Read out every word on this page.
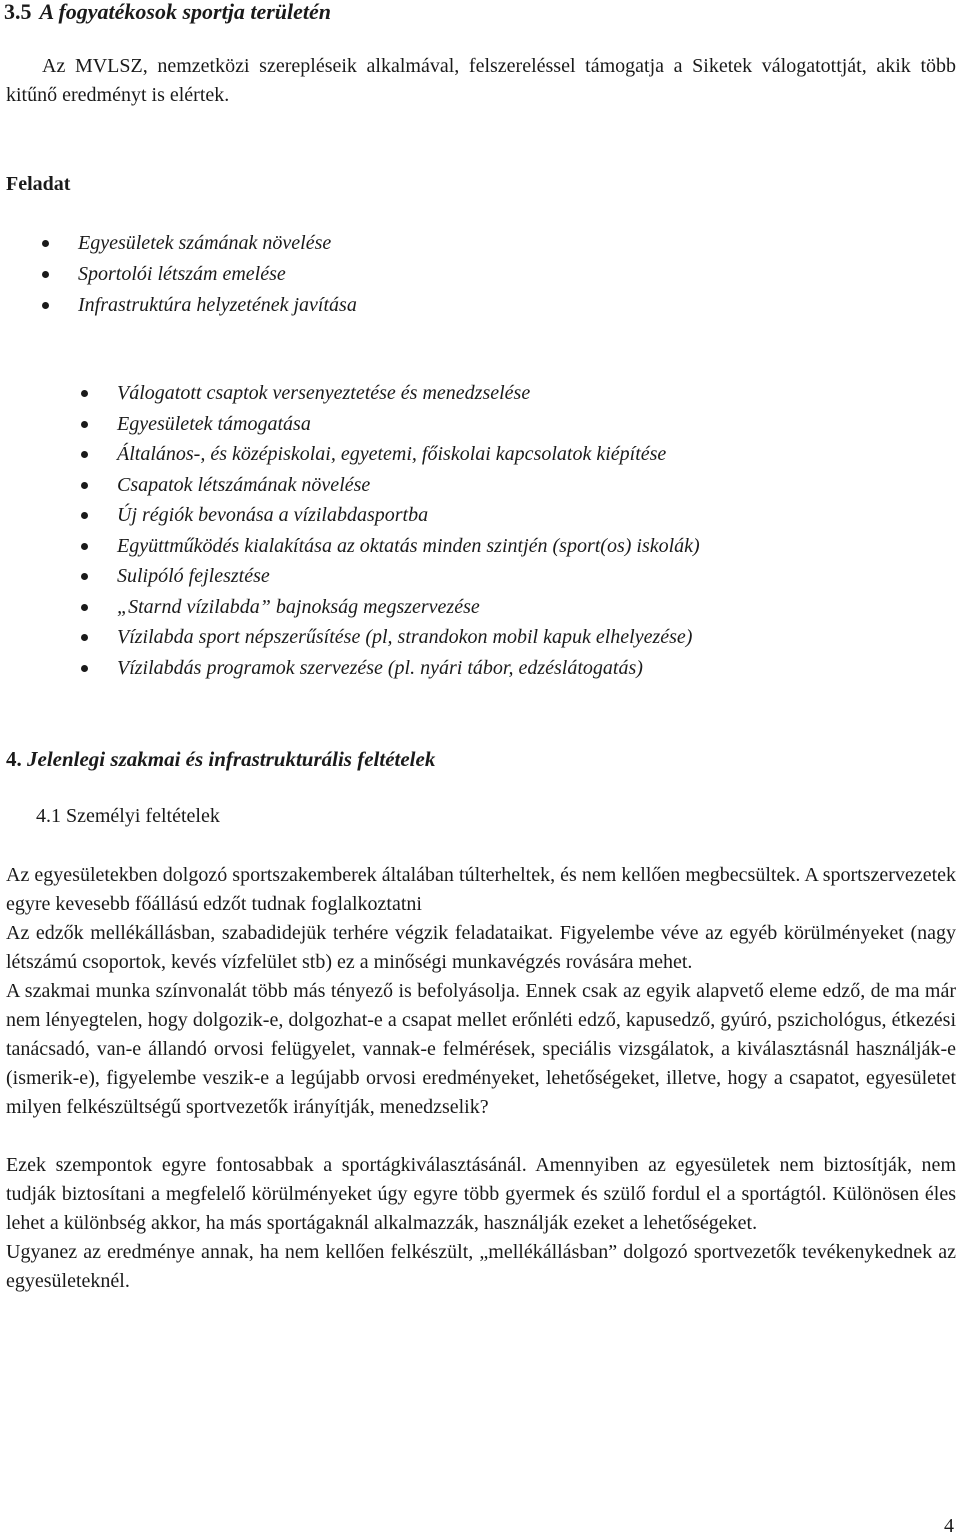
3.5 A fogyatékosok sportja területén

Az MVLSZ, nemzetközi szerepléseik alkalmával, felszereléssel támogatja a Siketek válogatottját, akik több kitűnő eredményt is elértek.

Feladat
Egyesületek számának növelése
Sportolói létszám emelése
Infrastruktúra helyzetének javítása
Válogatott csaptok versenyeztetése és menedzselése
Egyesületek támogatása
Általános-, és középiskolai, egyetemi, főiskolai kapcsolatok kiépítése
Csapatok létszámának növelése
Új régiók bevonása a vízilabdasportba
Együttműködés kialakítása az oktatás minden szintjén (sport(os) iskolák)
Sulipóló fejlesztése
„Starnd vízilabda” bajnokság megszervezése
Vízilabda sport népszerűsítése (pl, strandokon mobil kapuk elhelyezése)
Vízilabdás programok szervezése (pl. nyári tábor, edzéslátogatás)
4. Jelenlegi szakmai és infrastrukturális feltételek
4.1 Személyi feltételek

Az egyesületekben dolgozó sportszakemberek általában túlterheltek, és nem kellően megbecsültek. A sportszervezetek egyre kevesebb főállású edzőt tudnak foglalkoztatni

Az edzők mellékállásban, szabadidejük terhére végzik feladataikat. Figyelembe véve az egyéb körülményeket (nagy létszámú csoportok, kevés vízfelület stb) ez a minőségi munkavégzés rovására mehet.

A szakmai munka színvonalát több más tényező is befolyásolja. Ennek csak az egyik alapvető eleme edző, de ma már nem lényegtelen, hogy dolgozik-e, dolgozhat-e a csapat mellet erőnléti edző, kapusedző, gyúró, pszichológus, étkezési tanácsadó, van-e állandó orvosi felügyelet, vannak-e felmérések, speciális vizsgálatok, a kiválasztásnál használják-e (ismerik-e), figyelembe veszik-e a legújabb orvosi eredményeket, lehetőségeket, illetve, hogy a csapatot, egyesületet milyen felkészültségű sportvezetők irányítják, menedzselik?

Ezek szempontok egyre fontosabbak a sportágkiválasztásánál. Amennyiben az egyesületek nem biztosítják, nem tudják biztosítani a megfelelő körülményeket úgy egyre több gyermek és szülő fordul el a sportágtól. Különösen éles lehet a különbség akkor, ha más sportágaknál alkalmazzák, használják ezeket a lehetőségeket.

Ugyanez az eredménye annak, ha nem kellően felkészült, „mellékállásban” dolgozó sportvezetők tevékenykednek az egyesületeknél.

4
